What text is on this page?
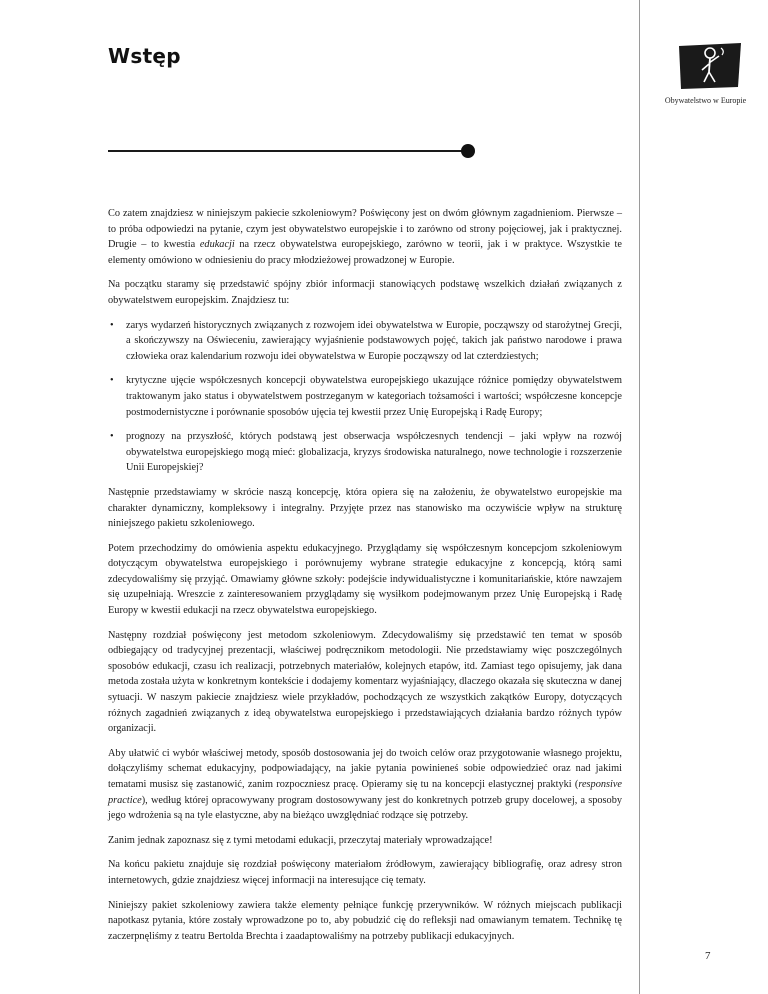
Wstęp
Obywatelstwo w Europie

Co zatem znajdziesz w niniejszym pakiecie szkoleniowym? Poświęcony jest on dwóm głównym zagadnieniom. Pierwsze – to próba odpowiedzi na pytanie, czym jest obywatelstwo europejskie i to zarówno od strony pojęciowej, jak i praktycznej. Drugie – to kwestia edukacji na rzecz obywatelstwa europejskiego, zarówno w teorii, jak i w praktyce. Wszystkie te elementy omówiono w odniesieniu do pracy młodzieżowej prowadzonej w Europie.

Na początku staramy się przedstawić spójny zbiór informacji stanowiących podstawę wszelkich działań związanych z obywatelstwem europejskim. Znajdziesz tu:

• zarys wydarzeń historycznych związanych z rozwojem idei obywatelstwa w Europie, począwszy od starożytnej Grecji, a skończywszy na Oświeceniu, zawierający wyjaśnienie podstawowych pojęć, takich jak państwo narodowe i prawa człowieka oraz kalendarium rozwoju idei obywatelstwa w Europie począwszy od lat czterdziestych;
• krytyczne ujęcie współczesnych koncepcji obywatelstwa europejskiego ukazujące różnice pomiędzy obywatelstwem traktowanym jako status i obywatelstwem postrzeganym w kategoriach tożsamości i wartości; współczesne koncepcje postmodernistyczne i porównanie sposobów ujęcia tej kwestii przez Unię Europejską i Radę Europy;
• prognozy na przyszłość, których podstawą jest obserwacja współczesnych tendencji – jaki wpływ na rozwój obywatelstwa europejskiego mogą mieć: globalizacja, kryzys środowiska naturalnego, nowe technologie i rozszerzenie Unii Europejskiej?

Następnie przedstawiamy w skrócie naszą koncepcję, która opiera się na założeniu, że obywatelstwo europejskie ma charakter dynamiczny, kompleksowy i integralny. Przyjęte przez nas stanowisko ma oczywiście wpływ na strukturę niniejszego pakietu szkoleniowego.

Potem przechodzimy do omówienia aspektu edukacyjnego. Przyglądamy się współczesnym koncepcjom szkoleniowym dotyczącym obywatelstwa europejskiego i porównujemy wybrane strategie edukacyjne z koncepcją, którą sami zdecydowaliśmy się przyjąć. Omawiamy główne szkoły: podejście indywidualistyczne i komunitariańskie, które nawzajem się uzupełniają. Wreszcie z zainteresowaniem przyglądamy się wysiłkom podejmowanym przez Unię Europejską i Radę Europy w kwestii edukacji na rzecz obywatelstwa europejskiego.

Następny rozdział poświęcony jest metodom szkoleniowym. Zdecydowaliśmy się przedstawić ten temat w sposób odbiegający od tradycyjnej prezentacji, właściwej podręcznikom metodologii. Nie przedstawiamy więc poszczególnych sposobów edukacji, czasu ich realizacji, potrzebnych materiałów, kolejnych etapów, itd. Zamiast tego opisujemy, jak dana metoda została użyta w konkretnym kontekście i dodajemy komentarz wyjaśniający, dlaczego okazała się skuteczna w danej sytuacji. W naszym pakiecie znajdziesz wiele przykładów, pochodzących ze wszystkich zakątków Europy, dotyczących różnych zagadnień związanych z ideą obywatelstwa europejskiego i przedstawiających działania bardzo różnych typów organizacji.

Aby ułatwić ci wybór właściwej metody, sposób dostosowania jej do twoich celów oraz przygotowanie własnego projektu, dołączyliśmy schemat edukacyjny, podpowiadający, na jakie pytania powinieneś sobie odpowiedzieć oraz nad jakimi tematami musisz się zastanowić, zanim rozpoczniesz pracę. Opieramy się tu na koncepcji elastycznej praktyki (responsive practice), według której opracowywany program dostosowywany jest do konkretnych potrzeb grupy docelowej, a sposoby jego wdrożenia są na tyle elastyczne, aby na bieżąco uwzględniać rodzące się potrzeby.

Zanim jednak zapoznasz się z tymi metodami edukacji, przeczytaj materiały wprowadzające!

Na końcu pakietu znajduje się rozdział poświęcony materiałom źródłowym, zawierający bibliografię, oraz adresy stron internetowych, gdzie znajdziesz więcej informacji na interesujące cię tematy.

Niniejszy pakiet szkoleniowy zawiera także elementy pełniące funkcję przerywników. W różnych miejscach publikacji napotkasz pytania, które zostały wprowadzone po to, aby pobudzić cię do refleksji nad omawianym tematem. Technikę tę zaczerpnęliśmy z teatru Bertolda Brechta i zaadaptowaliśmy na potrzeby publikacji edukacyjnych.

7
